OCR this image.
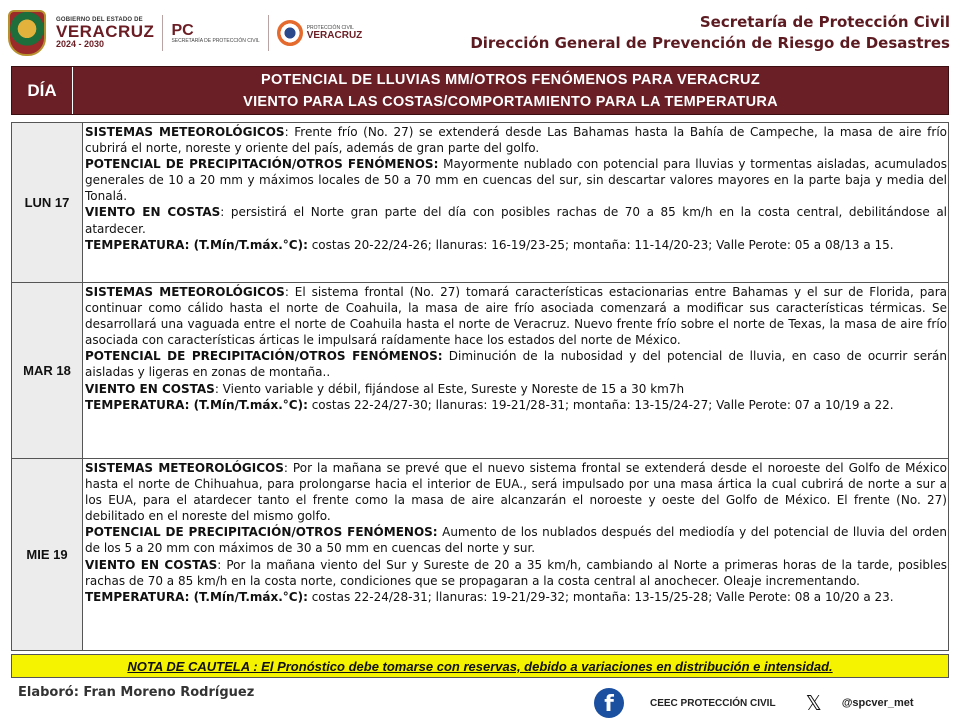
GOBIERNO DEL ESTADO DE
VERACRUZ
2024 - 2030
PC
SECRETARÍA DE PROTECCIÓN CIVIL
PROTECCIÓN CIVIL
VERACRUZ
Secretaría de Protección Civil
Dirección General de Prevención de Riesgo de Desastres
DÍA
POTENCIAL DE LLUVIAS MM/OTROS FENÓMENOS PARA VERACRUZ
VIENTO PARA LAS COSTAS/COMPORTAMIENTO PARA LA TEMPERATURA
LUN 17

SISTEMAS METEOROLÓGICOS: Frente frío (No. 27) se extenderá desde Las Bahamas hasta la Bahía de Campeche, la masa de aire frío cubrirá el norte, noreste y oriente del país, además de gran parte del golfo.

POTENCIAL DE PRECIPITACIÓN/OTROS FENÓMENOS: Mayormente nublado con potencial para lluvias y tormentas aisladas, acumulados generales de 10 a 20 mm y máximos locales de 50 a 70 mm en cuencas del sur, sin descartar valores mayores en la parte baja y media del Tonalá.

VIENTO EN COSTAS: persistirá el Norte gran parte del día con posibles rachas de 70 a 85 km/h en la costa central, debilitándose al atardecer.

TEMPERATURA: (T.Mín/T.máx.°C): costas 20-22/24-26; llanuras: 16-19/23-25; montaña: 11-14/20-23; Valle Perote: 05 a 08/13 a 15.

MAR 18

SISTEMAS METEOROLÓGICOS: El sistema frontal (No. 27) tomará características estacionarias entre Bahamas y el sur de Florida, para continuar como cálido hasta el norte de Coahuila, la masa de aire frío asociada comenzará a modificar sus características térmicas. Se desarrollará una vaguada entre el norte de Coahuila hasta el norte de Veracruz. Nuevo frente frío sobre el norte de Texas, la masa de aire frío asociada con características árticas le impulsará raídamente hace los estados del norte de México.

POTENCIAL DE PRECIPITACIÓN/OTROS FENÓMENOS: Diminución de la nubosidad y del potencial de lluvia, en caso de ocurrir serán aisladas y ligeras en zonas de montaña..

VIENTO EN COSTAS: Viento variable y débil, fijándose al Este, Sureste y Noreste de 15 a 30 km7h

TEMPERATURA: (T.Mín/T.máx.°C): costas 22-24/27-30; llanuras: 19-21/28-31; montaña: 13-15/24-27; Valle Perote: 07 a 10/19 a 22.

MIE 19

SISTEMAS METEOROLÓGICOS: Por la mañana se prevé que el nuevo sistema frontal se extenderá desde el noroeste del Golfo de México hasta el norte de Chihuahua, para prolongarse hacia el interior de EUA., será impulsado por una masa ártica la cual cubrirá de norte a sur a los EUA, para el atardecer tanto el frente como la masa de aire alcanzarán el noroeste y oeste del Golfo de México. El frente (No. 27) debilitado en el noreste del mismo golfo.

POTENCIAL DE PRECIPITACIÓN/OTROS FENÓMENOS: Aumento de los nublados después del mediodía y del potencial de lluvia del orden de los 5 a 20 mm con máximos de 30 a 50 mm en cuencas del norte y sur.

VIENTO EN COSTAS: Por la mañana viento del Sur y Sureste de 20 a 35 km/h, cambiando al Norte a primeras horas de la tarde, posibles rachas de 70 a 85 km/h en la costa norte, condiciones que se propagaran a la costa central al anochecer. Oleaje incrementando.

TEMPERATURA: (T.Mín/T.máx.°C): costas 22-24/28-31; llanuras: 19-21/29-32; montaña: 13-15/25-28; Valle Perote: 08 a 10/20 a 23.

NOTA DE CAUTELA : El Pronóstico debe tomarse con reservas, debido a variaciones en distribución e intensidad.
Elaboró: Fran Moreno Rodríguez	f	CEEC PROTECCIÓN CIVIL 𝕏 @spcver_met
